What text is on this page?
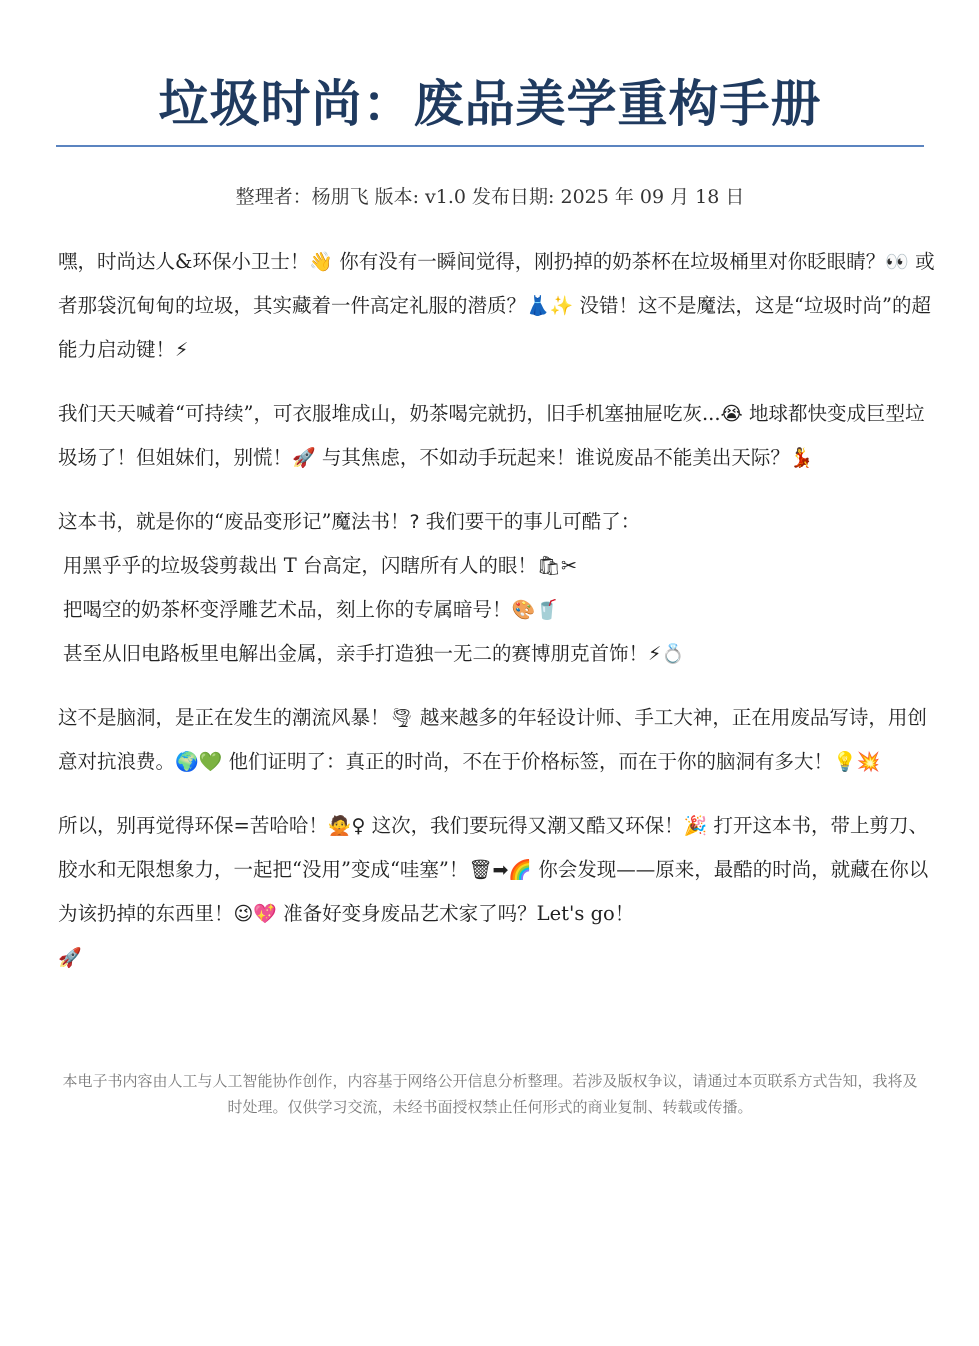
垃圾时尚：废品美学重构手册
整理者：杨朋飞 版本: v1.0 发布日期: 2025 年 09 月 18 日

嘿，时尚达人&环保小卫士！👋 你有没有一瞬间觉得，刚扔掉的奶茶杯在垃圾桶里对你眨眼睛？👀 或者那袋沉甸甸的垃圾，其实藏着一件高定礼服的潜质？👗✨ 没错！这不是魔法，这是“垃圾时尚”的超能力启动键！⚡

我们天天喊着“可持续”，可衣服堆成山，奶茶喝完就扔，旧手机塞抽屉吃灰...😭 地球都快变成巨型垃圾场了！但姐妹们，别慌！🚀 与其焦虑，不如动手玩起来！谁说废品不能美出天际？💃

这本书，就是你的“废品变形记”魔法书！? 我们要干的事儿可酷了：
用黑乎乎的垃圾袋剪裁出 T 台高定，闪瞎所有人的眼！🛍✂
把喝空的奶茶杯变浮雕艺术品，刻上你的专属暗号！🎨🥤
甚至从旧电路板里电解出金属，亲手打造独一无二的赛博朋克首饰！⚡💍

这不是脑洞，是正在发生的潮流风暴！🌪 越来越多的年轻设计师、手工大神，正在用废品写诗，用创意对抗浪费。🌍💚 他们证明了：真正的时尚，不在于价格标签，而在于你的脑洞有多大！💡💥

所以，别再觉得环保=苦哈哈！🙅♀ 这次，我们要玩得又潮又酷又环保！🎉 打开这本书，带上剪刀、胶水和无限想象力，一起把“没用”变成“哇塞”！🗑➡🌈 你会发现——原来，最酷的时尚，就藏在你以为该扔掉的东西里！😉💖 准备好变身废品艺术家了吗？Let's go！
🚀

本电子书内容由人工与人工智能协作创作，内容基于网络公开信息分析整理。若涉及版权争议，请通过本页联系方式告知，我将及时处理。仅供学习交流，未经书面授权禁止任何形式的商业复制、转载或传播。
